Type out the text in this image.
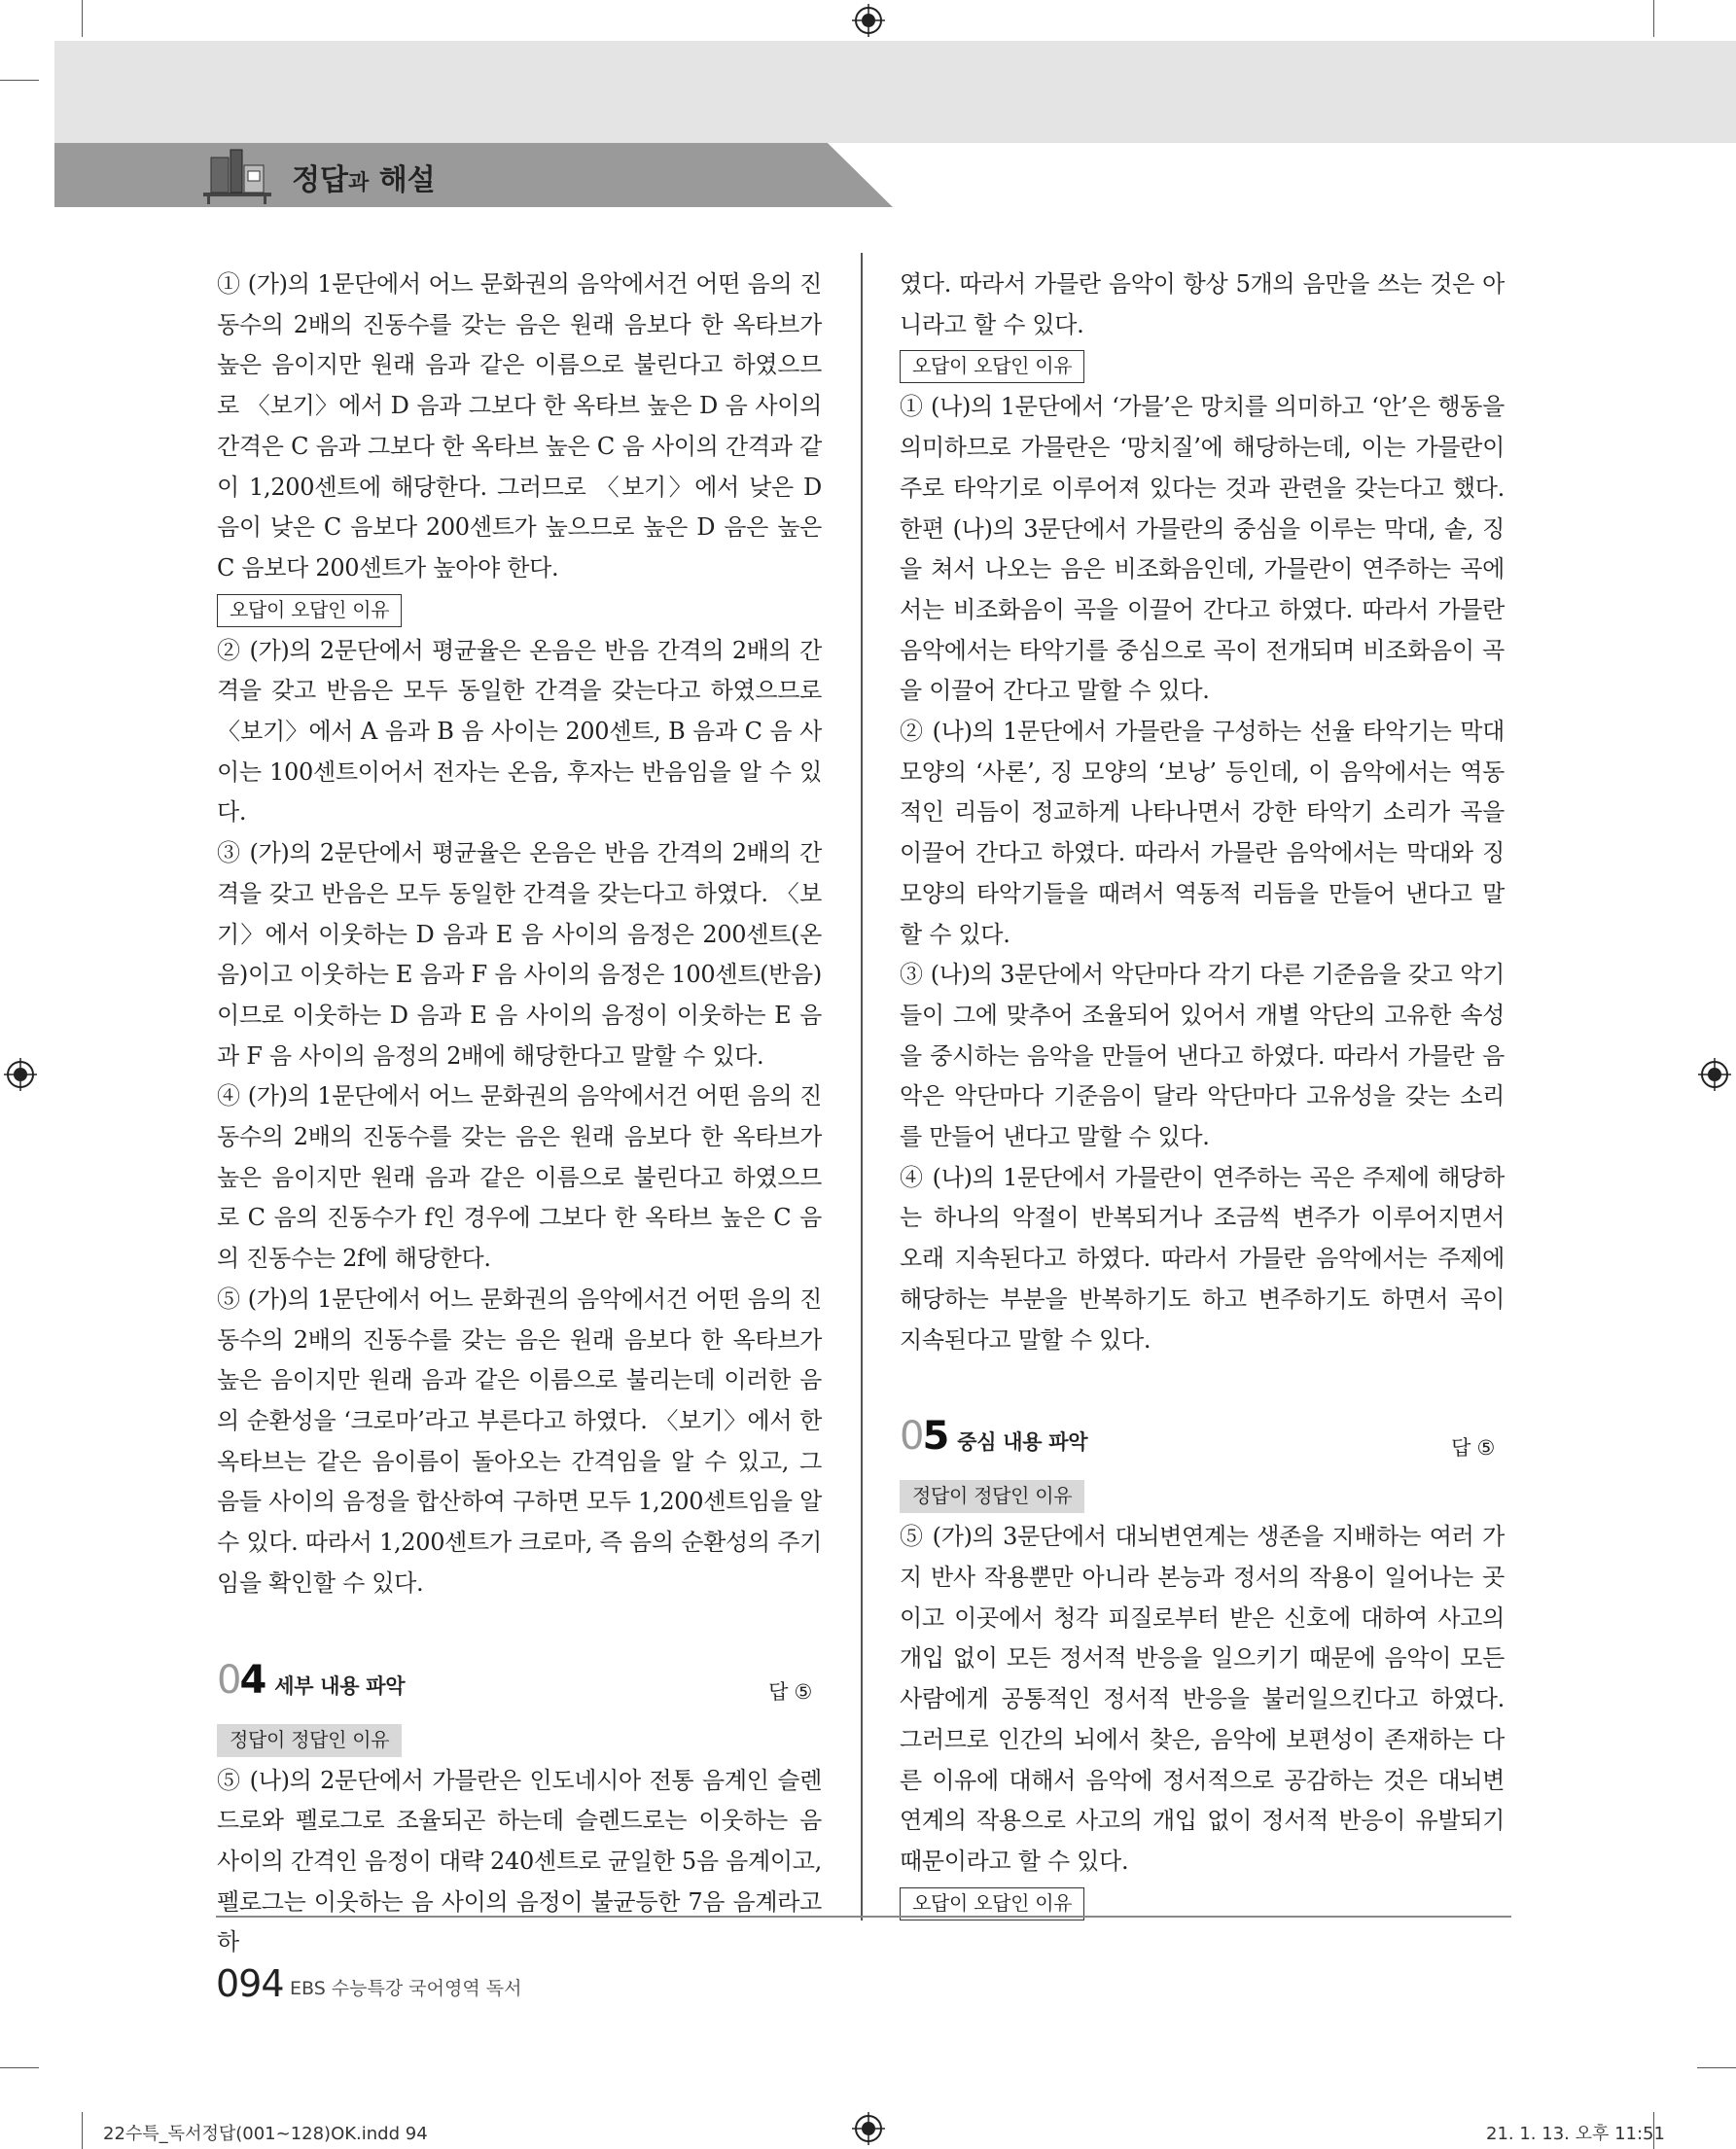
정답과 해설

① (가)의 1문단에서 어느 문화권의 음악에서건 어떤 음의 진동수의 2배의 진동수를 갖는 음은 원래 음보다 한 옥타브가 높은 음이지만 원래 음과 같은 이름으로 불린다고 하였으므로 〈보기〉에서 D 음과 그보다 한 옥타브 높은 D 음 사이의 간격은 C 음과 그보다 한 옥타브 높은 C 음 사이의 간격과 같이 1,200센트에 해당한다. 그러므로 〈보기〉에서 낮은 D 음이 낮은 C 음보다 200센트가 높으므로 높은 D 음은 높은 C 음보다 200센트가 높아야 한다.

오답이 오답인 이유

② (가)의 2문단에서 평균율은 온음은 반음 간격의 2배의 간격을 갖고 반음은 모두 동일한 간격을 갖는다고 하였으므로 〈보기〉에서 A 음과 B 음 사이는 200센트, B 음과 C 음 사이는 100센트이어서 전자는 온음, 후자는 반음임을 알 수 있다.

③ (가)의 2문단에서 평균율은 온음은 반음 간격의 2배의 간격을 갖고 반음은 모두 동일한 간격을 갖는다고 하였다. 〈보기〉에서 이웃하는 D 음과 E 음 사이의 음정은 200센트(온음)이고 이웃하는 E 음과 F 음 사이의 음정은 100센트(반음)이므로 이웃하는 D 음과 E 음 사이의 음정이 이웃하는 E 음과 F 음 사이의 음정의 2배에 해당한다고 말할 수 있다.

④ (가)의 1문단에서 어느 문화권의 음악에서건 어떤 음의 진동수의 2배의 진동수를 갖는 음은 원래 음보다 한 옥타브가 높은 음이지만 원래 음과 같은 이름으로 불린다고 하였으므로 C 음의 진동수가 f인 경우에 그보다 한 옥타브 높은 C 음의 진동수는 2f에 해당한다.

⑤ (가)의 1문단에서 어느 문화권의 음악에서건 어떤 음의 진동수의 2배의 진동수를 갖는 음은 원래 음보다 한 옥타브가 높은 음이지만 원래 음과 같은 이름으로 불리는데 이러한 음의 순환성을 ‘크로마’라고 부른다고 하였다. 〈보기〉에서 한 옥타브는 같은 음이름이 돌아오는 간격임을 알 수 있고, 그 음들 사이의 음정을 합산하여 구하면 모두 1,200센트임을 알 수 있다. 따라서 1,200센트가 크로마, 즉 음의 순환성의 주기임을 확인할 수 있다.

04 세부 내용 파악	답 ⑤
정답이 정답인 이유

⑤ (나)의 2문단에서 가믈란은 인도네시아 전통 음계인 슬렌드로와 펠로그로 조율되곤 하는데 슬렌드로는 이웃하는 음 사이의 간격인 음정이 대략 240센트로 균일한 5음 음계이고, 펠로그는 이웃하는 음 사이의 음정이 불균등한 7음 음계라고 하

였다. 따라서 가믈란 음악이 항상 5개의 음만을 쓰는 것은 아니라고 할 수 있다.

오답이 오답인 이유

① (나)의 1문단에서 ‘가믈’은 망치를 의미하고 ‘안’은 행동을 의미하므로 가믈란은 ‘망치질’에 해당하는데, 이는 가믈란이 주로 타악기로 이루어져 있다는 것과 관련을 갖는다고 했다. 한편 (나)의 3문단에서 가믈란의 중심을 이루는 막대, 솥, 징을 쳐서 나오는 음은 비조화음인데, 가믈란이 연주하는 곡에서는 비조화음이 곡을 이끌어 간다고 하였다. 따라서 가믈란 음악에서는 타악기를 중심으로 곡이 전개되며 비조화음이 곡을 이끌어 간다고 말할 수 있다.

② (나)의 1문단에서 가믈란을 구성하는 선율 타악기는 막대 모양의 ‘사론’, 징 모양의 ‘보낭’ 등인데, 이 음악에서는 역동적인 리듬이 정교하게 나타나면서 강한 타악기 소리가 곡을 이끌어 간다고 하였다. 따라서 가믈란 음악에서는 막대와 징 모양의 타악기들을 때려서 역동적 리듬을 만들어 낸다고 말할 수 있다.

③ (나)의 3문단에서 악단마다 각기 다른 기준음을 갖고 악기들이 그에 맞추어 조율되어 있어서 개별 악단의 고유한 속성을 중시하는 음악을 만들어 낸다고 하였다. 따라서 가믈란 음악은 악단마다 기준음이 달라 악단마다 고유성을 갖는 소리를 만들어 낸다고 말할 수 있다.

④ (나)의 1문단에서 가믈란이 연주하는 곡은 주제에 해당하는 하나의 악절이 반복되거나 조금씩 변주가 이루어지면서 오래 지속된다고 하였다. 따라서 가믈란 음악에서는 주제에 해당하는 부분을 반복하기도 하고 변주하기도 하면서 곡이 지속된다고 말할 수 있다.

05 중심 내용 파악	답 ⑤
정답이 정답인 이유

⑤ (가)의 3문단에서 대뇌변연계는 생존을 지배하는 여러 가지 반사 작용뿐만 아니라 본능과 정서의 작용이 일어나는 곳이고 이곳에서 청각 피질로부터 받은 신호에 대하여 사고의 개입 없이 모든 정서적 반응을 일으키기 때문에 음악이 모든 사람에게 공통적인 정서적 반응을 불러일으킨다고 하였다. 그러므로 인간의 뇌에서 찾은, 음악에 보편성이 존재하는 다른 이유에 대해서 음악에 정서적으로 공감하는 것은 대뇌변연계의 작용으로 사고의 개입 없이 정서적 반응이 유발되기 때문이라고 할 수 있다.

오답이 오답인 이유
094 EBS 수능특강 국어영역 독서
22수특_독서정답(001~128)OK.indd 94	21. 1. 13. 오후 11:51
